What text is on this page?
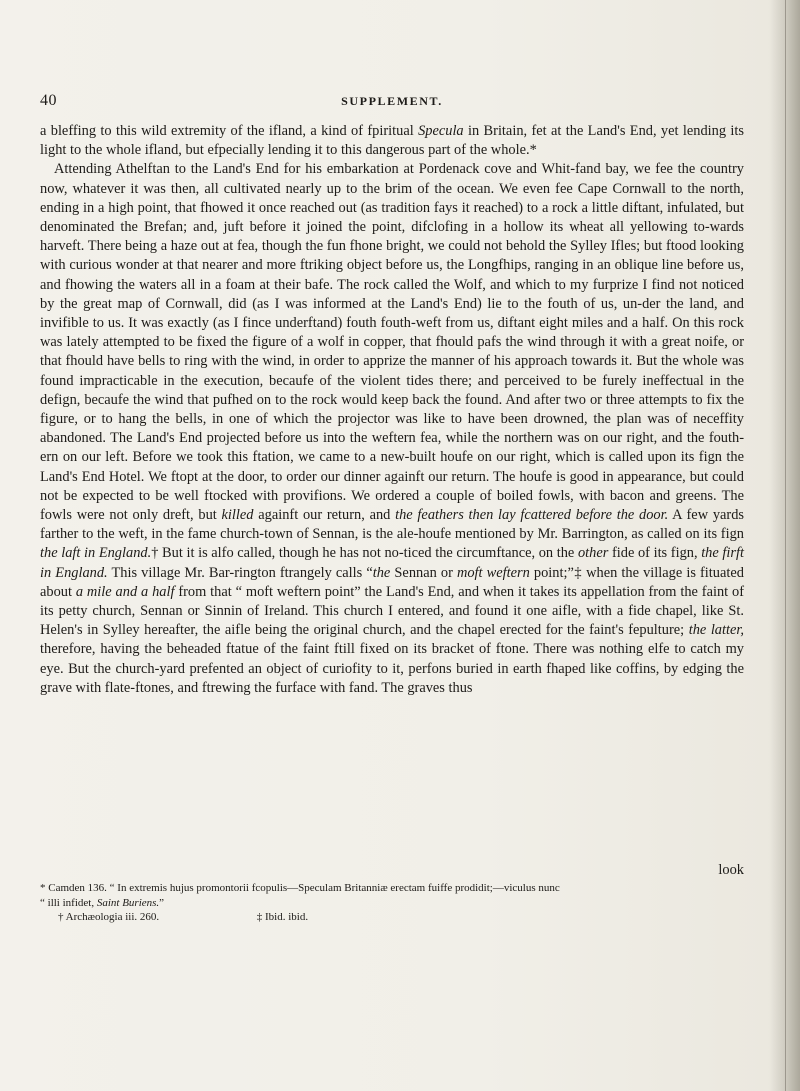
40	SUPPLEMENT.

a bleffing to this wild extremity of the ifland, a kind of fpiritual Specula in Britain, fet at the Land's End, yet lending its light to the whole ifland, but efpecially lending it to this dangerous part of the whole.*

Attending Athelftan to the Land's End for his embarkation at Pordenack cove and Whit-fand bay, we fee the country now, whatever it was then, all cultivated nearly up to the brim of the ocean. We even fee Cape Cornwall to the north, ending in a high point, that fhowed it once reached out (as tradition fays it reached) to a rock a little diftant, infulated, but denominated the Brefan; and, juft before it joined the point, difclofing in a hollow its wheat all yellowing to-wards harveft. There being a haze out at fea, though the fun fhone bright, we could not behold the Sylley Ifles; but ftood looking with curious wonder at that nearer and more ftriking object before us, the Longfhips, ranging in an oblique line before us, and fhowing the waters all in a foam at their bafe. The rock called the Wolf, and which to my furprize I find not noticed by the great map of Cornwall, did (as I was informed at the Land's End) lie to the fouth of us, un-der the land, and invifible to us. It was exactly (as I fince underftand) fouth fouth-weft from us, diftant eight miles and a half. On this rock was lately attempted to be fixed the figure of a wolf in copper, that fhould pafs the wind through it with a great noife, or that fhould have bells to ring with the wind, in order to apprize the manner of his approach towards it. But the whole was found impracticable in the execution, becaufe of the violent tides there; and perceived to be furely ineffectual in the defign, becaufe the wind that pufhed on to the rock would keep back the found. And after two or three attempts to fix the figure, or to hang the bells, in one of which the projector was like to have been drowned, the plan was of neceffity abandoned. The Land's End projected before us into the weftern fea, while the northern was on our right, and the fouth-ern on our left. Before we took this ftation, we came to a new-built houfe on our right, which is called upon its fign the Land's End Hotel. We ftopt at the door, to order our dinner againft our return. The houfe is good in appearance, but could not be expected to be well ftocked with provifions. We ordered a couple of boiled fowls, with bacon and greens. The fowls were not only dreft, but killed againft our return, and the feathers then lay fcattered before the door. A few yards farther to the weft, in the fame church-town of Sennan, is the ale-houfe mentioned by Mr. Barrington, as called on its fign the laft in England.† But it is alfo called, though he has not no-ticed the circumftance, on the other fide of its fign, the firft in England. This village Mr. Bar-rington ftrangely calls “the Sennan or moft weftern point;”‡ when the village is fituated about a mile and a half from that “ moft weftern point” the Land's End, and when it takes its appellation from the faint of its petty church, Sennan or Sinnin of Ireland. This church I entered, and found it one aifle, with a fide chapel, like St. Helen's in Sylley hereafter, the aifle being the original church, and the chapel erected for the faint's fepulture; the latter, therefore, having the beheaded ftatue of the faint ftill fixed on its bracket of ftone. There was nothing elfe to catch my eye. But the church-yard prefented an object of curiofity to it, perfons buried in earth fhaped like coffins, by edging the grave with flate-ftones, and ftrewing the furface with fand. The graves thus

look
* Camden 136. “ In extremis hujus promontorii fcopulis—Speculam Britanniæ erectam fuiffe prodidit;—viculus nunc
“ illi infidet, Saint Buriens.”
† Archæologia iii. 260.	‡ Ibid. ibid.
